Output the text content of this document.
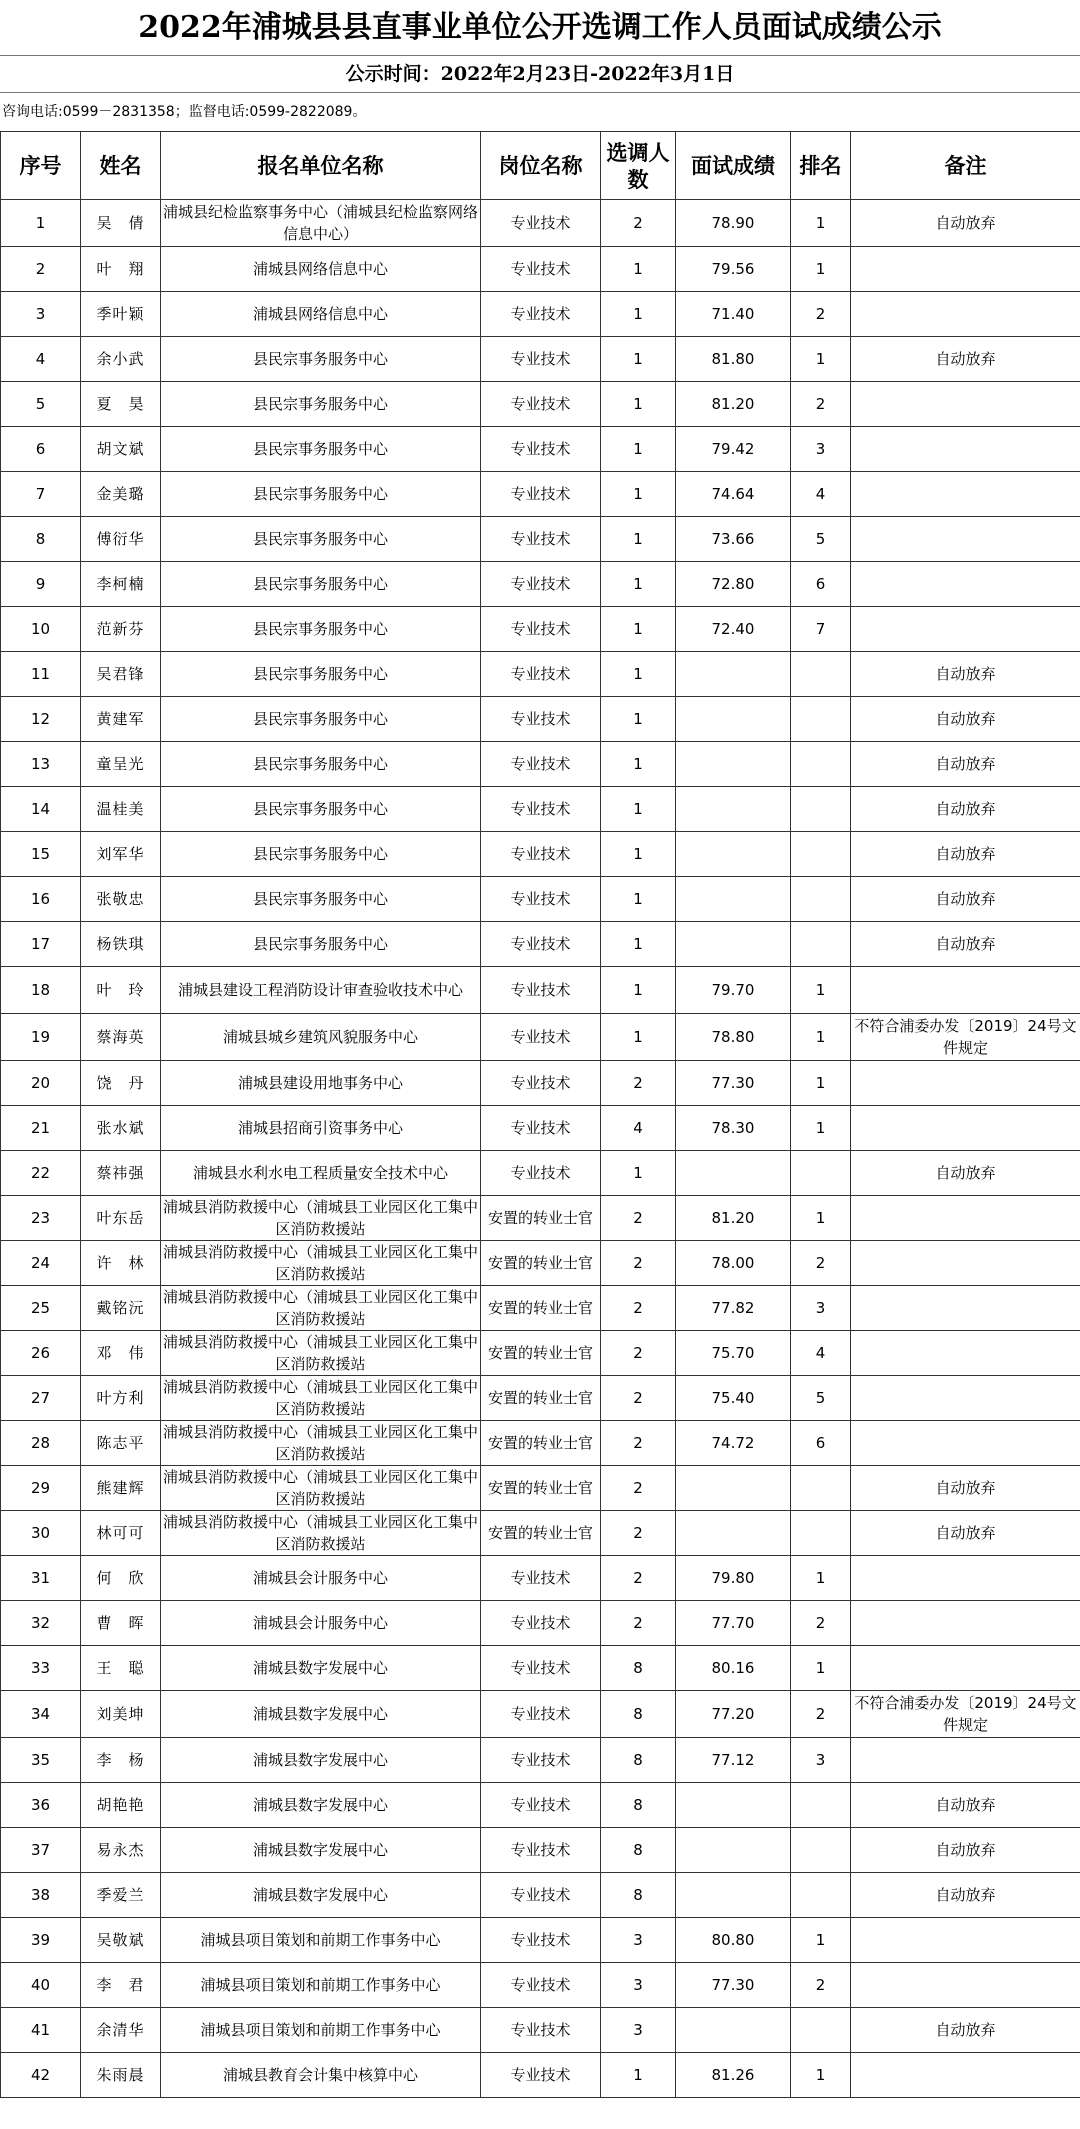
2022年浦城县县直事业单位公开选调工作人员面试成绩公示
公示时间：2022年2月23日-2022年3月1日
咨询电话:0599－2831358；监督电话:0599-2822089。
序号	姓名	报名单位名称	岗位名称	选调人数	面试成绩	排名	备注
1	吴　倩	浦城县纪检监察事务中心（浦城县纪检监察网络信息中心）	专业技术	2	78.90	1	自动放弃
2	叶　翔	浦城县网络信息中心	专业技术	1	79.56	1	
3	季叶颖	浦城县网络信息中心	专业技术	1	71.40	2	
4	余小武	县民宗事务服务中心	专业技术	1	81.80	1	自动放弃
5	夏　昊	县民宗事务服务中心	专业技术	1	81.20	2	
6	胡文斌	县民宗事务服务中心	专业技术	1	79.42	3	
7	金美璐	县民宗事务服务中心	专业技术	1	74.64	4	
8	傅衍华	县民宗事务服务中心	专业技术	1	73.66	5	
9	李柯楠	县民宗事务服务中心	专业技术	1	72.80	6	
10	范新芬	县民宗事务服务中心	专业技术	1	72.40	7	
11	吴君锋	县民宗事务服务中心	专业技术	1			自动放弃
12	黄建军	县民宗事务服务中心	专业技术	1			自动放弃
13	童呈光	县民宗事务服务中心	专业技术	1			自动放弃
14	温桂美	县民宗事务服务中心	专业技术	1			自动放弃
15	刘军华	县民宗事务服务中心	专业技术	1			自动放弃
16	张敬忠	县民宗事务服务中心	专业技术	1			自动放弃
17	杨铁琪	县民宗事务服务中心	专业技术	1			自动放弃
18	叶　玲	浦城县建设工程消防设计审查验收技术中心	专业技术	1	79.70	1	
19	蔡海英	浦城县城乡建筑风貌服务中心	专业技术	1	78.80	1	不符合浦委办发〔2019〕24号文件规定
20	饶　丹	浦城县建设用地事务中心	专业技术	2	77.30	1	
21	张水斌	浦城县招商引资事务中心	专业技术	4	78.30	1	
22	蔡祎强	浦城县水利水电工程质量安全技术中心	专业技术	1			自动放弃
23	叶东岳	浦城县消防救援中心（浦城县工业园区化工集中区消防救援站	安置的转业士官	2	81.20	1	
24	许　林	浦城县消防救援中心（浦城县工业园区化工集中区消防救援站	安置的转业士官	2	78.00	2	
25	戴铭沅	浦城县消防救援中心（浦城县工业园区化工集中区消防救援站	安置的转业士官	2	77.82	3	
26	邓　伟	浦城县消防救援中心（浦城县工业园区化工集中区消防救援站	安置的转业士官	2	75.70	4	
27	叶方利	浦城县消防救援中心（浦城县工业园区化工集中区消防救援站	安置的转业士官	2	75.40	5	
28	陈志平	浦城县消防救援中心（浦城县工业园区化工集中区消防救援站	安置的转业士官	2	74.72	6	
29	熊建辉	浦城县消防救援中心（浦城县工业园区化工集中区消防救援站	安置的转业士官	2			自动放弃
30	林可可	浦城县消防救援中心（浦城县工业园区化工集中区消防救援站	安置的转业士官	2			自动放弃
31	何　欣	浦城县会计服务中心	专业技术	2	79.80	1	
32	曹　晖	浦城县会计服务中心	专业技术	2	77.70	2	
33	王　聪	浦城县数字发展中心	专业技术	8	80.16	1	
34	刘美坤	浦城县数字发展中心	专业技术	8	77.20	2	不符合浦委办发〔2019〕24号文件规定
35	李　杨	浦城县数字发展中心	专业技术	8	77.12	3	
36	胡艳艳	浦城县数字发展中心	专业技术	8			自动放弃
37	易永杰	浦城县数字发展中心	专业技术	8			自动放弃
38	季爱兰	浦城县数字发展中心	专业技术	8			自动放弃
39	吴敬斌	浦城县项目策划和前期工作事务中心	专业技术	3	80.80	1	
40	李　君	浦城县项目策划和前期工作事务中心	专业技术	3	77.30	2	
41	余清华	浦城县项目策划和前期工作事务中心	专业技术	3			自动放弃
42	朱雨晨	浦城县教育会计集中核算中心	专业技术	1	81.26	1	
